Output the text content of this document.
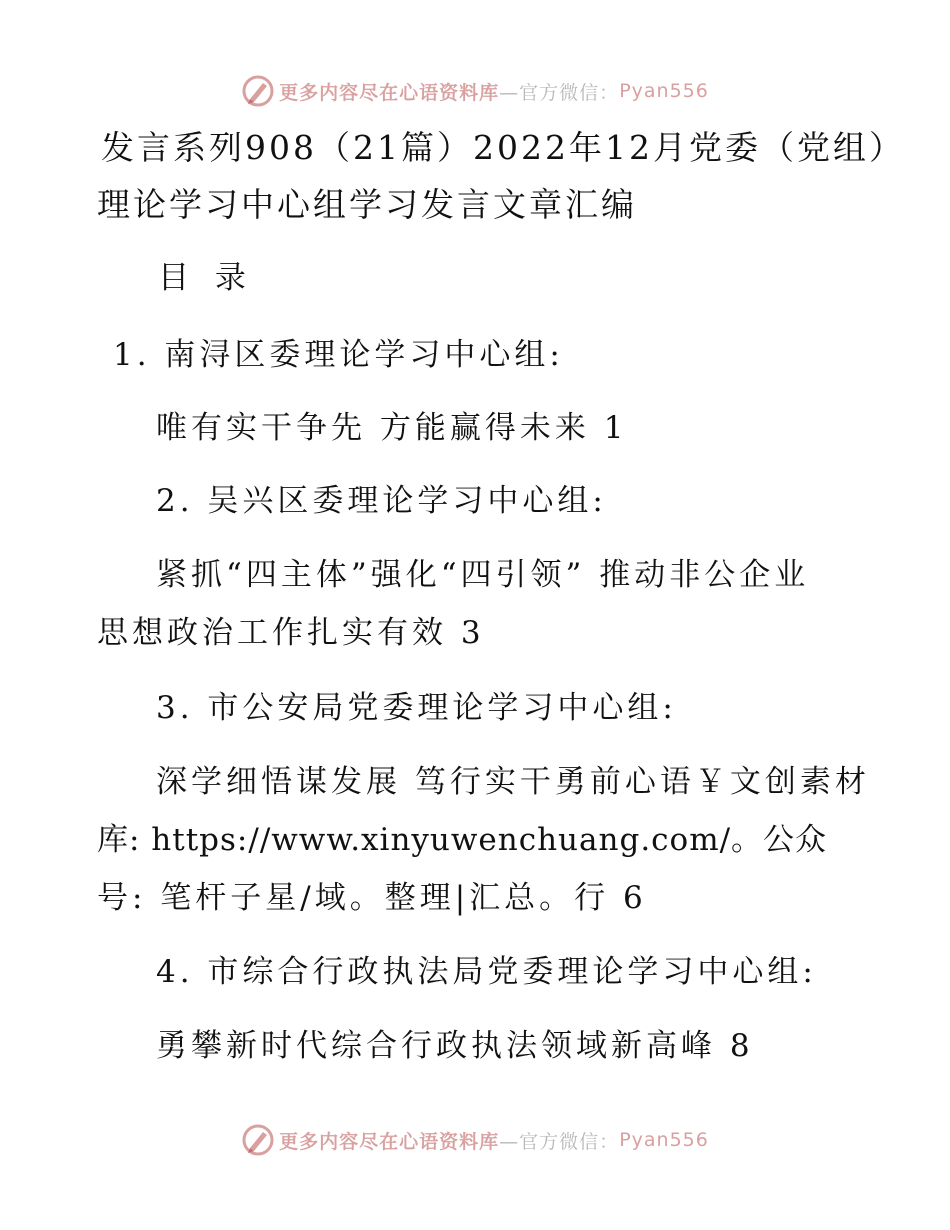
更多内容尽在心语资料库 —官方微信： Pyan556
发言系列908（21篇）2022年12月党委（党组）
理论学习中心组学习发言文章汇编
目 录
1. 南浔区委理论学习中心组:
唯有实干争先 方能赢得未来 1
2. 吴兴区委理论学习中心组:
紧抓“四主体”强化“四引领” 推动非公企业
思想政治工作扎实有效 3
3. 市公安局党委理论学习中心组:
深学细悟谋发展 笃行实干勇前心语￥文创素材
库: https://www.xinyuwenchuang.com/。公众
号: 笔杆子星/域。整理|汇总。行 6
4. 市综合行政执法局党委理论学习中心组:
勇攀新时代综合行政执法领域新高峰 8
更多内容尽在心语资料库 —官方微信： Pyan556
